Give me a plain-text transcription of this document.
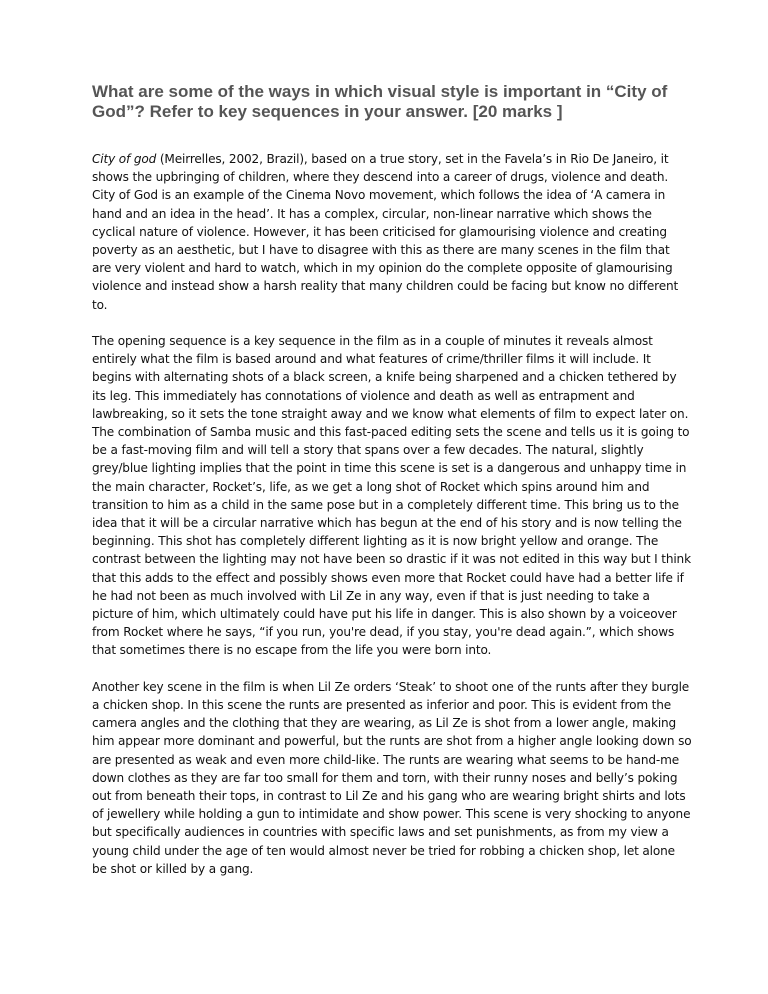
What are some of the ways in which visual style is important in “City of God”? Refer to key sequences in your answer. [20 marks ]

City of god (Meirrelles, 2002, Brazil), based on a true story, set in the Favela’s in Rio De Janeiro, it shows the upbringing of children, where they descend into a career of drugs, violence and death. City of God is an example of the Cinema Novo movement, which follows the idea of ‘A camera in hand and an idea in the head’. It has a complex, circular, non-linear narrative which shows the cyclical nature of violence. However, it has been criticised for glamourising violence and creating poverty as an aesthetic, but I have to disagree with this as there are many scenes in the film that are very violent and hard to watch, which in my opinion do the complete opposite of glamourising violence and instead show a harsh reality that many children could be facing but know no different to.

The opening sequence is a key sequence in the film as in a couple of minutes it reveals almost entirely what the film is based around and what features of crime/thriller films it will include. It begins with alternating shots of a black screen, a knife being sharpened and a chicken tethered by its leg. This immediately has connotations of violence and death as well as entrapment and lawbreaking, so it sets the tone straight away and we know what elements of film to expect later on. The combination of Samba music and this fast-paced editing sets the scene and tells us it is going to be a fast-moving film and will tell a story that spans over a few decades. The natural, slightly grey/blue lighting implies that the point in time this scene is set is a dangerous and unhappy time in the main character, Rocket’s, life, as we get a long shot of Rocket which spins around him and transition to him as a child in the same pose but in a completely different time. This bring us to the idea that it will be a circular narrative which has begun at the end of his story and is now telling the beginning. This shot has completely different lighting as it is now bright yellow and orange. The contrast between the lighting may not have been so drastic if it was not edited in this way but I think that this adds to the effect and possibly shows even more that Rocket could have had a better life if he had not been as much involved with Lil Ze in any way, even if that is just needing to take a picture of him, which ultimately could have put his life in danger. This is also shown by a voiceover from Rocket where he says, “if you run, you're dead, if you stay, you're dead again.”, which shows that sometimes there is no escape from the life you were born into.

Another key scene in the film is when Lil Ze orders ‘Steak’ to shoot one of the runts after they burgle a chicken shop. In this scene the runts are presented as inferior and poor. This is evident from the camera angles and the clothing that they are wearing, as Lil Ze is shot from a lower angle, making him appear more dominant and powerful, but the runts are shot from a higher angle looking down so are presented as weak and even more child-like. The runts are wearing what seems to be hand-me down clothes as they are far too small for them and torn, with their runny noses and belly’s poking out from beneath their tops, in contrast to Lil Ze and his gang who are wearing bright shirts and lots of jewellery while holding a gun to intimidate and show power. This scene is very shocking to anyone but specifically audiences in countries with specific laws and set punishments, as from my view a young child under the age of ten would almost never be tried for robbing a chicken shop, let alone be shot or killed by a gang.
